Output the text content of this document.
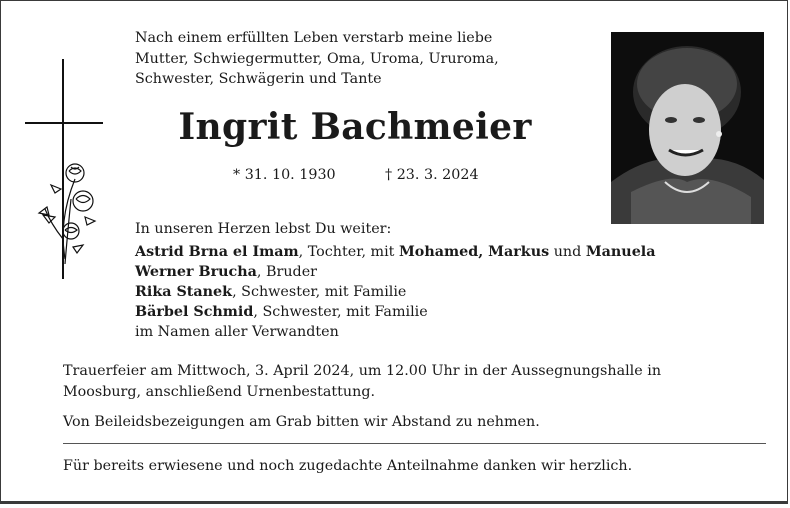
Nach einem erfüllten Leben verstarb meine liebe
Mutter, Schwiegermutter, Oma, Uroma, Ururoma,
Schwester, Schwägerin und Tante
Ingrit Bachmeier
* 31. 10. 1930	† 23. 3. 2024
In unseren Herzen lebst Du weiter:
Astrid Brna el Imam, Tochter, mit Mohamed, Markus und Manuela
Werner Brucha, Bruder
Rika Stanek, Schwester, mit Familie
Bärbel Schmid, Schwester, mit Familie
im Namen aller Verwandten
Trauerfeier am Mittwoch, 3. April 2024, um 12.00 Uhr in der Aussegnungshalle in
Moosburg, anschließend Urnenbestattung.
Von Beileidsbezeigungen am Grab bitten wir Abstand zu nehmen.
Für bereits erwiesene und noch zugedachte Anteilnahme danken wir herzlich.
